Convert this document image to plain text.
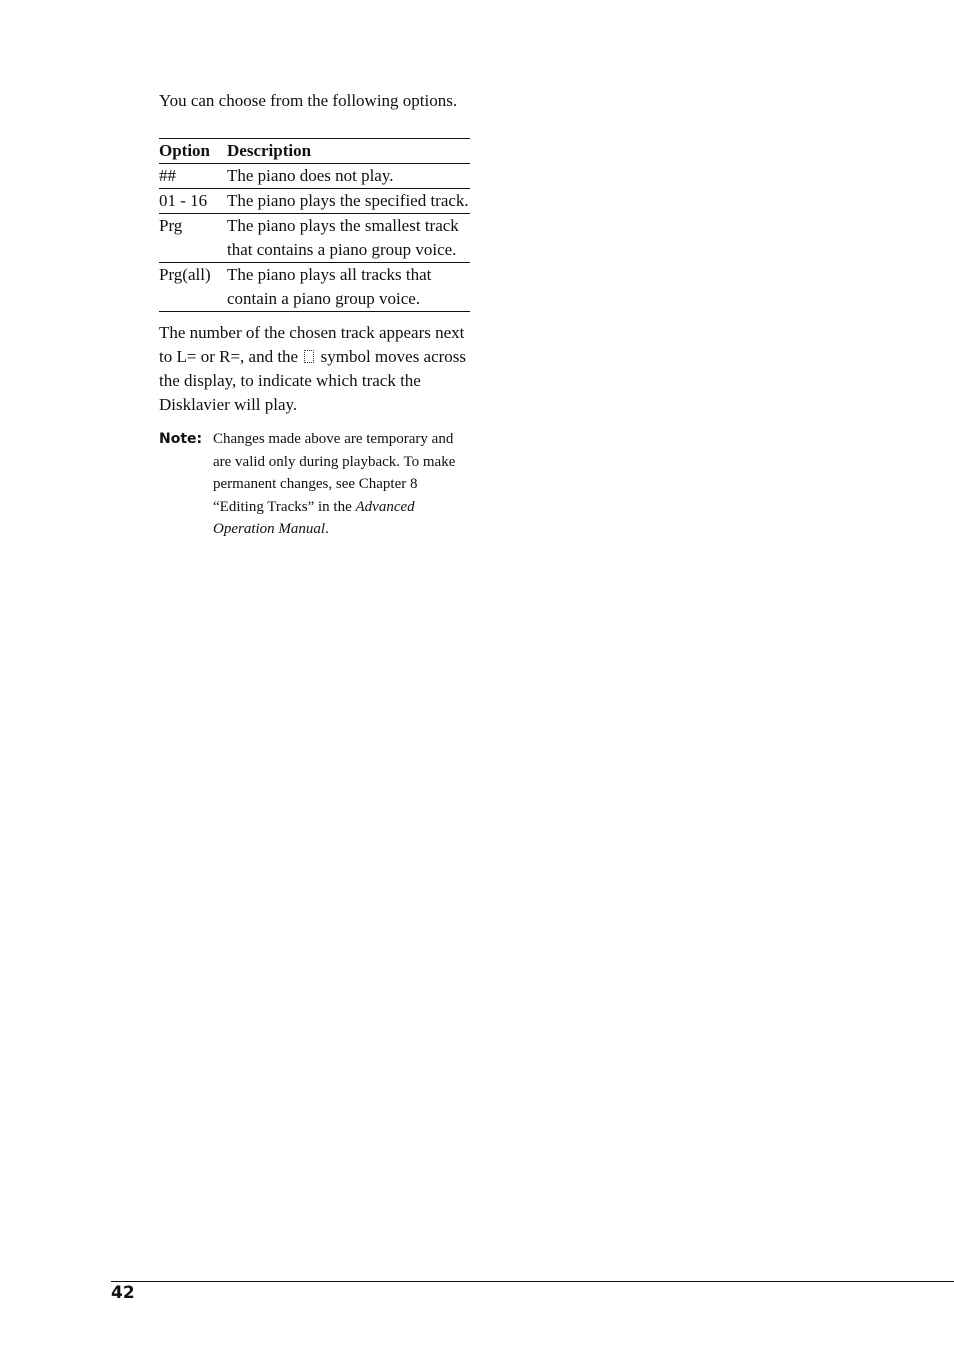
You can choose from the following options.

Option	Description
##	The piano does not play.
01 - 16	The piano plays the specified track.
Prg	The piano plays the smallest track that contains a piano group voice.
Prg(all)	The piano plays all tracks that contain a piano group voice.

The number of the chosen track appears next to L= or R=, and the symbol moves across the display, to indicate which track the Disklavier will play.

Note: Changes made above are temporary and are valid only during playback. To make permanent changes, see Chapter 8 “Editing Tracks” in the Advanced Operation Manual.
42
